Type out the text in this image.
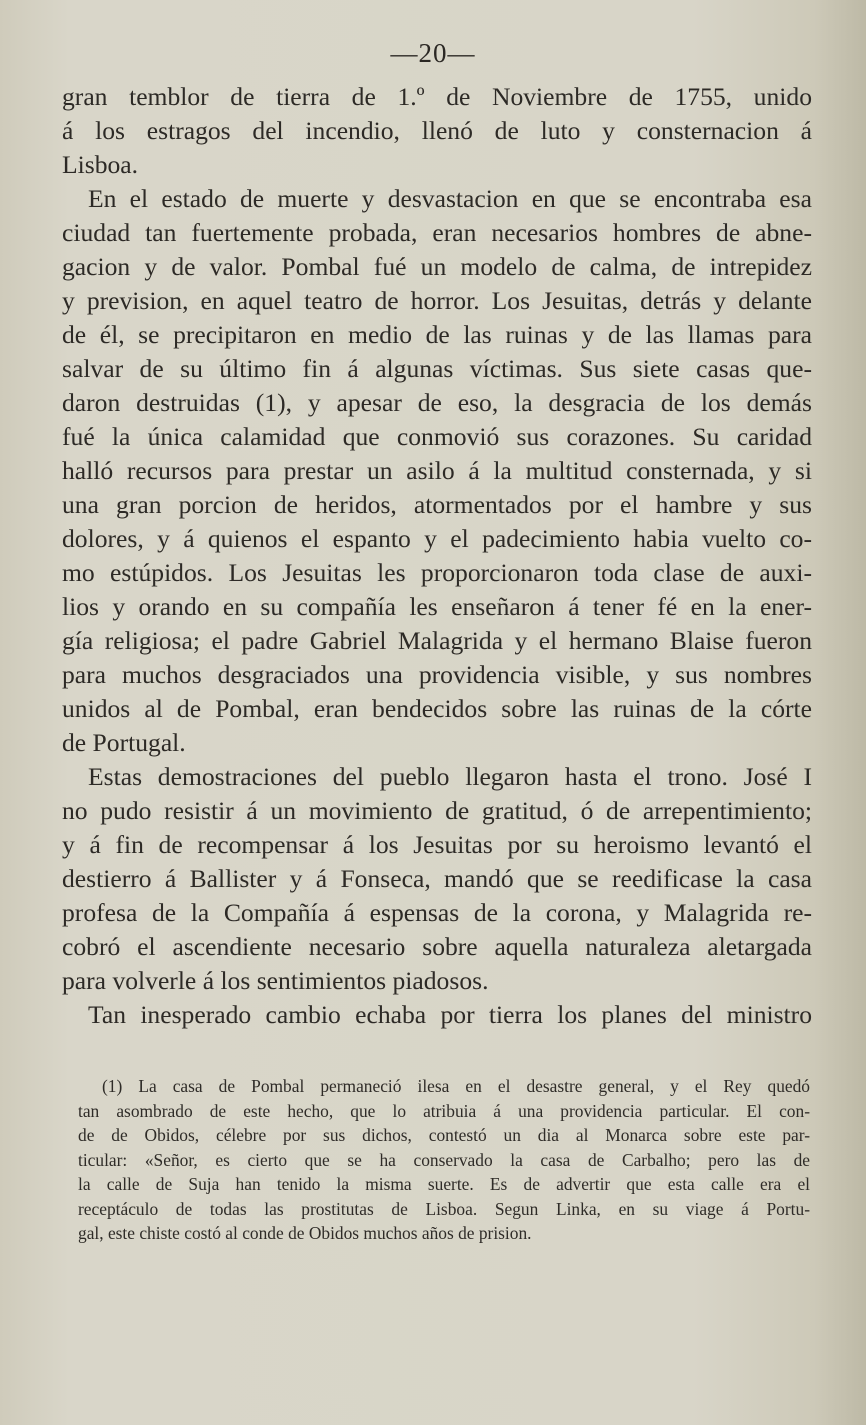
—20—
gran temblor de tierra de 1.º de Noviembre de 1755, unido
á los estragos del incendio, llenó de luto y consternacion á
Lisboa.
En el estado de muerte y desvastacion en que se encontraba esa
ciudad tan fuertemente probada, eran necesarios hombres de abne-
gacion y de valor. Pombal fué un modelo de calma, de intrepidez
y prevision, en aquel teatro de horror. Los Jesuitas, detrás y delante
de él, se precipitaron en medio de las ruinas y de las llamas para
salvar de su último fin á algunas víctimas. Sus siete casas que-
daron destruidas (1), y apesar de eso, la desgracia de los demás
fué la única calamidad que conmovió sus corazones. Su caridad
halló recursos para prestar un asilo á la multitud consternada, y si
una gran porcion de heridos, atormentados por el hambre y sus
dolores, y á quienos el espanto y el padecimiento habia vuelto co-
mo estúpidos. Los Jesuitas les proporcionaron toda clase de auxi-
lios y orando en su compañía les enseñaron á tener fé en la ener-
gía religiosa; el padre Gabriel Malagrida y el hermano Blaise fueron
para muchos desgraciados una providencia visible, y sus nombres
unidos al de Pombal, eran bendecidos sobre las ruinas de la córte
de Portugal.
Estas demostraciones del pueblo llegaron hasta el trono. José I
no pudo resistir á un movimiento de gratitud, ó de arrepentimiento;
y á fin de recompensar á los Jesuitas por su heroismo levantó el
destierro á Ballister y á Fonseca, mandó que se reedificase la casa
profesa de la Compañía á espensas de la corona, y Malagrida re-
cobró el ascendiente necesario sobre aquella naturaleza aletargada
para volverle á los sentimientos piadosos.
Tan inesperado cambio echaba por tierra los planes del ministro
(1) La casa de Pombal permaneció ilesa en el desastre general, y el Rey quedó
tan asombrado de este hecho, que lo atribuia á una providencia particular. El con-
de de Obidos, célebre por sus dichos, contestó un dia al Monarca sobre este par-
ticular: «Señor, es cierto que se ha conservado la casa de Carbalho; pero las de
la calle de Suja han tenido la misma suerte. Es de advertir que esta calle era el
receptáculo de todas las prostitutas de Lisboa. Segun Linka, en su viage á Portu-
gal, este chiste costó al conde de Obidos muchos años de prision.
